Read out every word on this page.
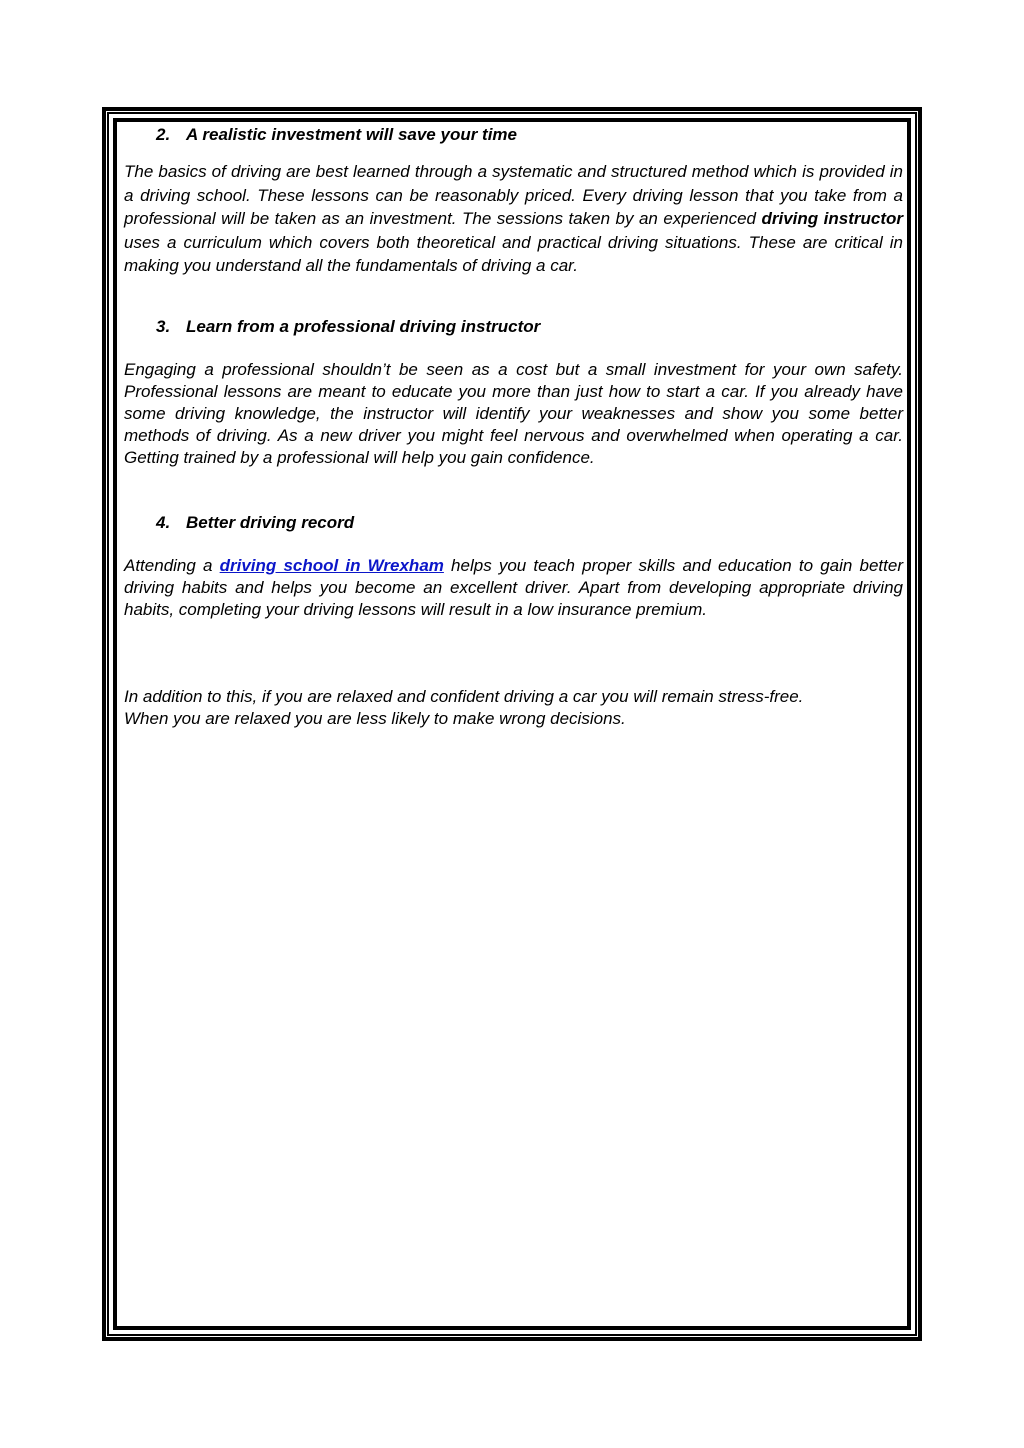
2. A realistic investment will save your time

The basics of driving are best learned through a systematic and structured method which is provided in a driving school. These lessons can be reasonably priced. Every driving lesson that you take from a professional will be taken as an investment. The sessions taken by an experienced driving instructor uses a curriculum which covers both theoretical and practical driving situations. These are critical in making you understand all the fundamentals of driving a car.

3. Learn from a professional driving instructor

Engaging a professional shouldn’t be seen as a cost but a small investment for your own safety. Professional lessons are meant to educate you more than just how to start a car. If you already have some driving knowledge, the instructor will identify your weaknesses and show you some better methods of driving. As a new driver you might feel nervous and overwhelmed when operating a car. Getting trained by a professional will help you gain confidence.

4. Better driving record

Attending a driving school in Wrexham helps you teach proper skills and education to gain better driving habits and helps you become an excellent driver. Apart from developing appropriate driving habits, completing your driving lessons will result in a low insurance premium.

In addition to this, if you are relaxed and confident driving a car you will remain stress-free.
When you are relaxed you are less likely to make wrong decisions.
